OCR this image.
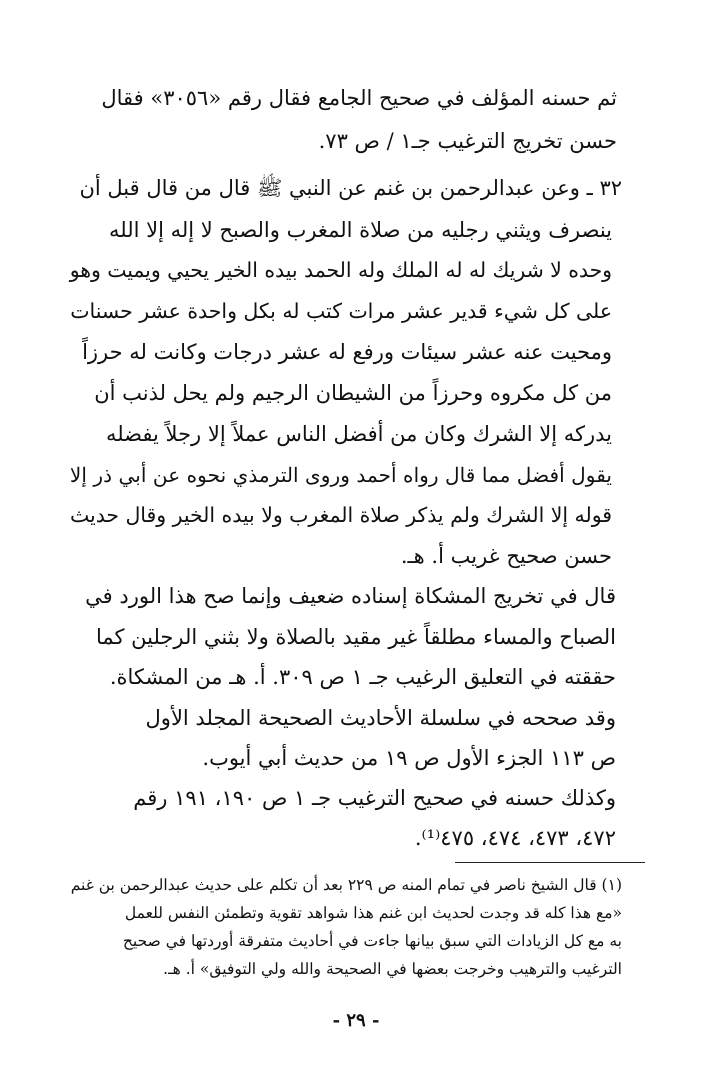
ثم حسنه المؤلف في صحيح الجامع فقال رقم «٣٠٥٦» فقال
حسن تخريج الترغيب جـ١ / ص ٧٣.
٣٢ ـ وعن عبدالرحمن بن غنم عن النبي ﷺ قال من قال قبل أن
ينصرف ويثني رجليه من صلاة المغرب والصبح لا إله إلا الله
وحده لا شريك له له الملك وله الحمد بيده الخير يحيي ويميت وهو
على كل شيء قدير عشر مرات كتب له بكل واحدة عشر حسنات
ومحيت عنه عشر سيئات ورفع له عشر درجات وكانت له حرزاً
من كل مكروه وحرزاً من الشيطان الرجيم ولم يحل لذنب أن
يدركه إلا الشرك وكان من أفضل الناس عملاً إلا رجلاً يفضله
يقول أفضل مما قال رواه أحمد وروى الترمذي نحوه عن أبي ذر إلا
قوله إلا الشرك ولم يذكر صلاة المغرب ولا بيده الخير وقال حديث
حسن صحيح غريب أ. هـ.
قال في تخريج المشكاة إسناده ضعيف وإنما صح هذا الورد في
الصباح والمساء مطلقاً غير مقيد بالصلاة ولا بثني الرجلين كما
حققته في التعليق الرغيب جـ ١ ص ٣٠٩. أ. هـ من المشكاة.
وقد صححه في سلسلة الأحاديث الصحيحة المجلد الأول
ص ١١٣ الجزء الأول ص ١٩ من حديث أبي أيوب.
وكذلك حسنه في صحيح الترغيب جـ ١ ص ١٩٠، ١٩١ رقم
٤٧٢، ٤٧٣، ٤٧٤، ٤٧٥⁽¹⁾.
(١) قال الشيخ ناصر في تمام المنه ص ٢٢٩ بعد أن تكلم على حديث عبدالرحمن بن غنم
«مع هذا كله قد وجدت لحديث ابن غنم هذا شواهد تقوية وتطمئن النفس للعمل
به مع كل الزيادات التي سبق بيانها جاءت في أحاديث متفرقة أوردتها في صحيح
الترغيب والترهيب وخرجت بعضها في الصحيحة والله ولي التوفيق» أ. هـ.
- ٢٩ -
